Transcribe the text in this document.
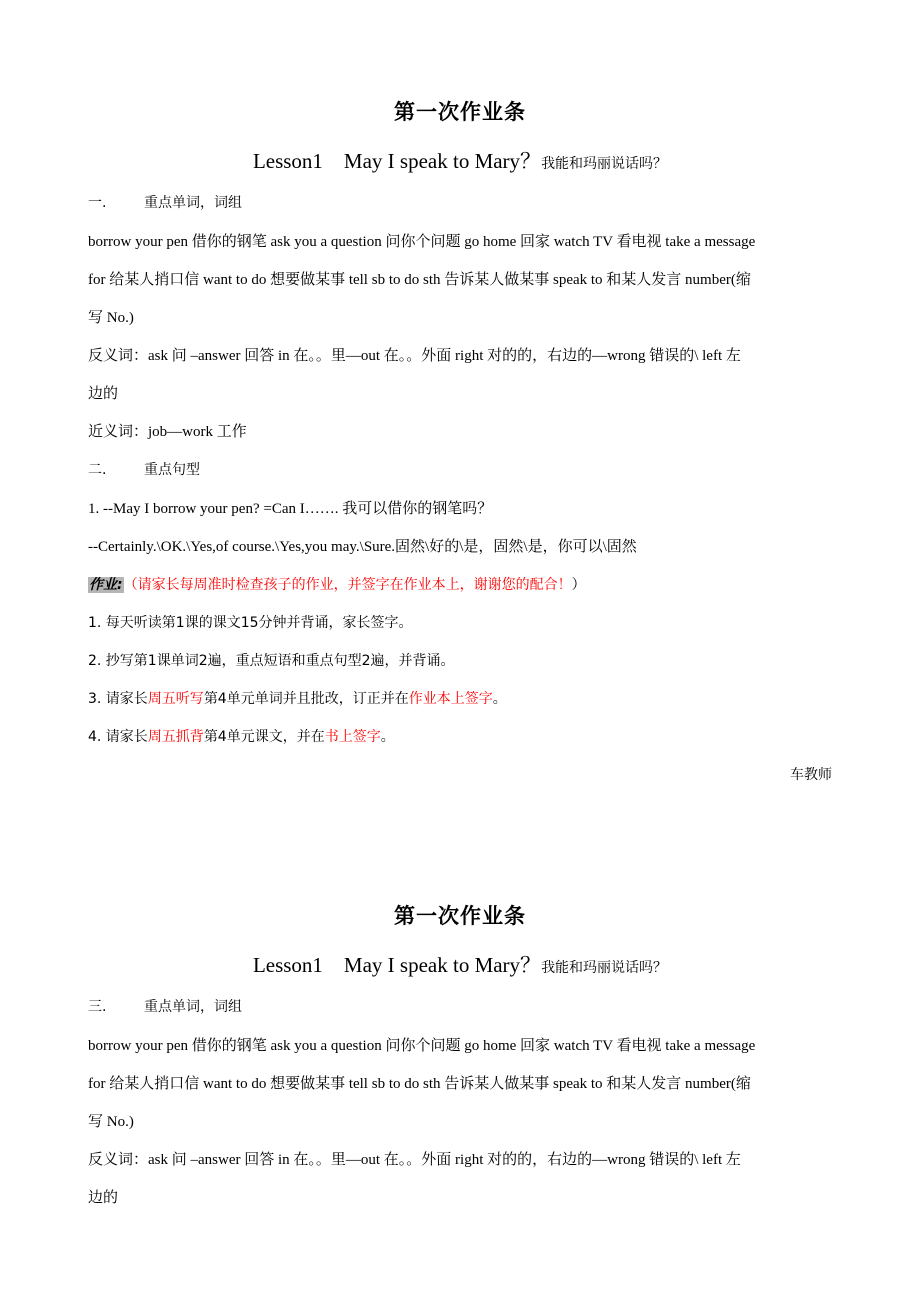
第一次作业条
Lesson1    May I speak to Mary？我能和玛丽说话吗？
一.	重点单词，词组
borrow your pen 借你的钢笔 ask you a question 问你个问题 go home 回家 watch TV 看电视 take a message
for 给某人捎口信 want to do 想要做某事 tell sb to do sth 告诉某人做某事 speak to 和某人发言 number(缩
写 No.)
反义词：ask 问 –answer 回答 in 在。。里—out 在。。外面 right 对的的，右边的—wrong 错误的\ left 左
边的
近义词：job—work 工作
二.	重点句型
1. --May I borrow your pen? =Can I……. 我可以借你的钢笔吗？
--Certainly.\OK.\Yes,of course.\Yes,you may.\Sure.固然\好的\是，固然\是，你可以\固然
作业:（请家长每周准时检查孩子的作业，并签字在作业本上，谢谢您的配合！）
1. 每天听读第1课的课文15分钟并背诵，家长签字。
2. 抄写第1课单词2遍，重点短语和重点句型2遍，并背诵。
3. 请家长周五听写第4单元单词并且批改，订正并在作业本上签字。
4. 请家长周五抓背第4单元课文，并在书上签字。
车教师
第一次作业条
Lesson1    May I speak to Mary？我能和玛丽说话吗？
三.	重点单词，词组
borrow your pen 借你的钢笔 ask you a question 问你个问题 go home 回家 watch TV 看电视 take a message
for 给某人捎口信 want to do 想要做某事 tell sb to do sth 告诉某人做某事 speak to 和某人发言 number(缩
写 No.)
反义词：ask 问 –answer 回答 in 在。。里—out 在。。外面 right 对的的，右边的—wrong 错误的\ left 左
边的
